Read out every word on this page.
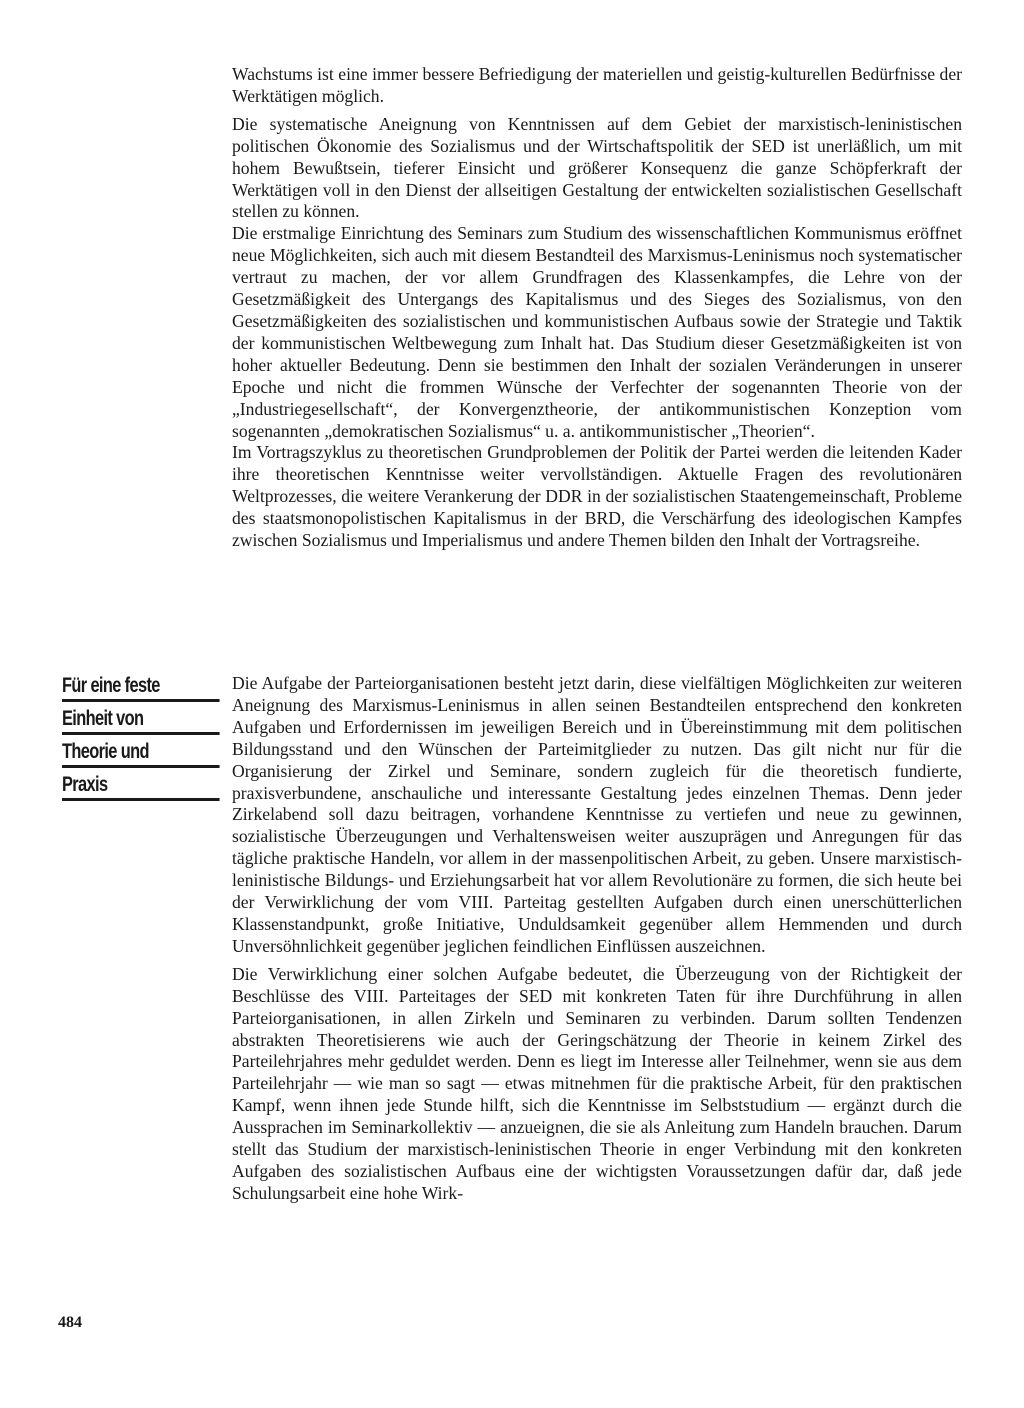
Wachstums ist eine immer bessere Befriedigung der materiellen und geistig-kulturellen Bedürfnisse der Werktätigen möglich.

Die systematische Aneignung von Kenntnissen auf dem Gebiet der marxistisch-leninistischen politischen Ökonomie des Sozialismus und der Wirtschaftspolitik der SED ist unerläßlich, um mit hohem Bewußtsein, tieferer Einsicht und größerer Konsequenz die ganze Schöpferkraft der Werktätigen voll in den Dienst der allseitigen Gestaltung der entwickelten sozialistischen Gesellschaft stellen zu können.

Die erstmalige Einrichtung des Seminars zum Studium des wissenschaftlichen Kommunismus eröffnet neue Möglichkeiten, sich auch mit diesem Bestandteil des Marxismus-Leninismus noch systematischer vertraut zu machen, der vor allem Grundfragen des Klassenkampfes, die Lehre von der Gesetzmäßigkeit des Untergangs des Kapitalismus und des Sieges des Sozialismus, von den Gesetzmäßigkeiten des sozialistischen und kommunistischen Aufbaus sowie der Strategie und Taktik der kommunistischen Weltbewegung zum Inhalt hat. Das Studium dieser Gesetzmäßigkeiten ist von hoher aktueller Bedeutung. Denn sie bestimmen den Inhalt der sozialen Veränderungen in unserer Epoche und nicht die frommen Wünsche der Verfechter der sogenannten Theorie von der „Industriegesellschaft“, der Konvergenztheorie, der antikommunistischen Konzeption vom sogenannten „demokratischen Sozialismus“ u. a. antikommunistischer „Theorien“.

Im Vortragszyklus zu theoretischen Grundproblemen der Politik der Partei werden die leitenden Kader ihre theoretischen Kenntnisse weiter vervollständigen. Aktuelle Fragen des revolutionären Weltprozesses, die weitere Verankerung der DDR in der sozialistischen Staatengemeinschaft, Probleme des staatsmonopolistischen Kapitalismus in der BRD, die Verschärfung des ideologischen Kampfes zwischen Sozialismus und Imperialismus und andere Themen bilden den Inhalt der Vortragsreihe.

Für eine feste
Einheit von
Theorie und
Praxis

Die Aufgabe der Parteiorganisationen besteht jetzt darin, diese vielfältigen Möglichkeiten zur weiteren Aneignung des Marxismus-Leninismus in allen seinen Bestandteilen entsprechend den konkreten Aufgaben und Erfordernissen im jeweiligen Bereich und in Übereinstimmung mit dem politischen Bildungsstand und den Wünschen der Parteimitglieder zu nutzen. Das gilt nicht nur für die Organisierung der Zirkel und Seminare, sondern zugleich für die theoretisch fundierte, praxisverbundene, anschauliche und interessante Gestaltung jedes einzelnen Themas. Denn jeder Zirkelabend soll dazu beitragen, vorhandene Kenntnisse zu vertiefen und neue zu gewinnen, sozialistische Überzeugungen und Verhaltensweisen weiter auszuprägen und Anregungen für das tägliche praktische Handeln, vor allem in der massenpolitischen Arbeit, zu geben. Unsere marxistisch-leninistische Bildungs- und Erziehungsarbeit hat vor allem Revolutionäre zu formen, die sich heute bei der Verwirklichung der vom VIII. Parteitag gestellten Aufgaben durch einen unerschütterlichen Klassenstandpunkt, große Initiative, Unduldsamkeit gegenüber allem Hemmenden und durch Unversöhnlichkeit gegenüber jeglichen feindlichen Einflüssen auszeichnen.

Die Verwirklichung einer solchen Aufgabe bedeutet, die Überzeugung von der Richtigkeit der Beschlüsse des VIII. Parteitages der SED mit konkreten Taten für ihre Durchführung in allen Parteiorganisationen, in allen Zirkeln und Seminaren zu verbinden. Darum sollten Tendenzen abstrakten Theoretisierens wie auch der Geringschätzung der Theorie in keinem Zirkel des Parteilehrjahres mehr geduldet werden. Denn es liegt im Interesse aller Teilnehmer, wenn sie aus dem Parteilehrjahr — wie man so sagt — etwas mitnehmen für die praktische Arbeit, für den praktischen Kampf, wenn ihnen jede Stunde hilft, sich die Kenntnisse im Selbststudium — ergänzt durch die Aussprachen im Seminarkollektiv — anzueignen, die sie als Anleitung zum Handeln brauchen. Darum stellt das Studium der marxistisch-leninistischen Theorie in enger Verbindung mit den konkreten Aufgaben des sozialistischen Aufbaus eine der wichtigsten Voraussetzungen dafür dar, daß jede Schulungsarbeit eine hohe Wirk-

484
